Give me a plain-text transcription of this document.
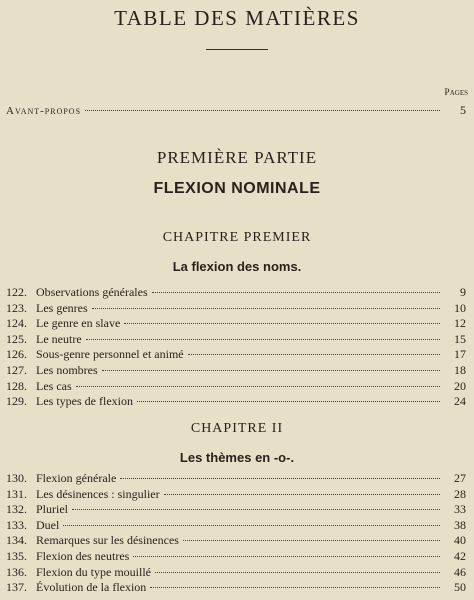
TABLE DES MATIÈRES
Pages
Avant-propos	5
PREMIÈRE PARTIE
FLEXION NOMINALE
CHAPITRE PREMIER
La flexion des noms.
122. Observations générales	9
123. Les genres	10
124. Le genre en slave	12
125. Le neutre	15
126. Sous-genre personnel et animé	17
127. Les nombres	18
128. Les cas	20
129. Les types de flexion	24
CHAPITRE II
Les thèmes en -o-.
130. Flexion générale	27
131. Les désinences : singulier	28
132. Pluriel	33
133. Duel	38
134. Remarques sur les désinences	40
135. Flexion des neutres	42
136. Flexion du type mouillé	46
137. Évolution de la flexion	50
